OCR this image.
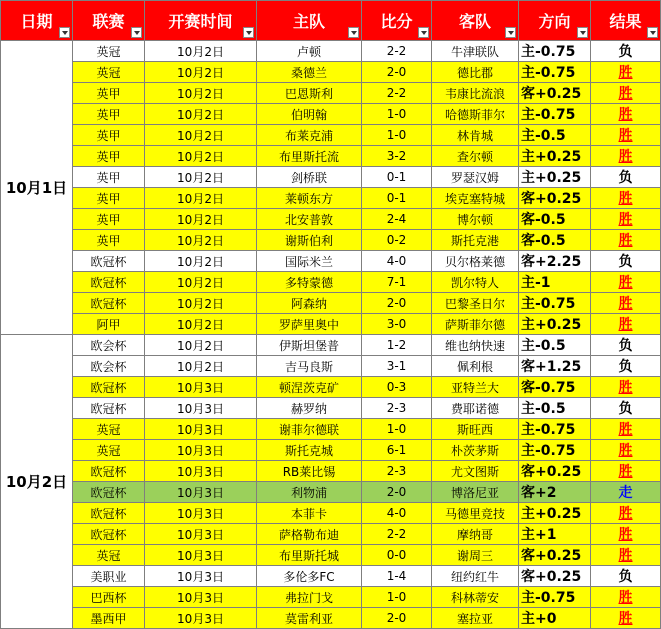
日期	联赛	开赛时间	主队	比分	客队	方向	结果

10月1日	英冠	10月2日	卢顿	2-2	牛津联队	主-0.75	负
	英冠	10月2日	桑德兰	2-0	德比郡	主-0.75	胜
	英甲	10月2日	巴恩斯利	2-2	韦康比流浪	客+0.25	胜
	英甲	10月2日	伯明翰	1-0	哈德斯菲尔	主-0.75	胜
	英甲	10月2日	布莱克浦	1-0	林肯城	主-0.5	胜
	英甲	10月2日	布里斯托流	3-2	查尔顿	主+0.25	胜
	英甲	10月2日	剑桥联	0-1	罗瑟汉姆	主+0.25	负
	英甲	10月2日	莱顿东方	0-1	埃克塞特城	客+0.25	胜
	英甲	10月2日	北安普敦	2-4	博尔顿	客-0.5	胜
	英甲	10月2日	谢斯伯利	0-2	斯托克港	客-0.5	胜
	欧冠杯	10月2日	国际米兰	4-0	贝尔格莱德	客+2.25	负
	欧冠杯	10月2日	多特蒙德	7-1	凯尔特人	主-1	胜
	欧冠杯	10月2日	阿森纳	2-0	巴黎圣日尔	主-0.75	胜
	阿甲	10月2日	罗萨里奥中	3-0	萨斯菲尔德	主+0.25	胜
10月2日	欧会杯	10月2日	伊斯坦堡普	1-2	维也纳快速	主-0.5	负
	欧会杯	10月2日	吉马良斯	3-1	佩利根	客+1.25	负
	欧冠杯	10月3日	顿涅茨克矿	0-3	亚特兰大	客-0.75	胜
	欧冠杯	10月3日	赫罗纳	2-3	费耶诺德	主-0.5	负
	英冠	10月3日	谢菲尔德联	1-0	斯旺西	主-0.75	胜
	英冠	10月3日	斯托克城	6-1	朴茨茅斯	主-0.75	胜
	欧冠杯	10月3日	RB莱比锡	2-3	尤文图斯	客+0.25	胜
	欧冠杯	10月3日	利物浦	2-0	博洛尼亚	客+2	走
	欧冠杯	10月3日	本菲卡	4-0	马德里竞技	主+0.25	胜
	欧冠杯	10月3日	萨格勒布迪	2-2	摩纳哥	主+1	胜
	英冠	10月3日	布里斯托城	0-0	谢周三	客+0.25	胜
	美职业	10月3日	多伦多FC	1-4	纽约红牛	客+0.25	负
	巴西杯	10月3日	弗拉门戈	1-0	科林蒂安	主-0.75	胜
	墨西甲	10月3日	莫雷利亚	2-0	塞拉亚	主+0	胜
